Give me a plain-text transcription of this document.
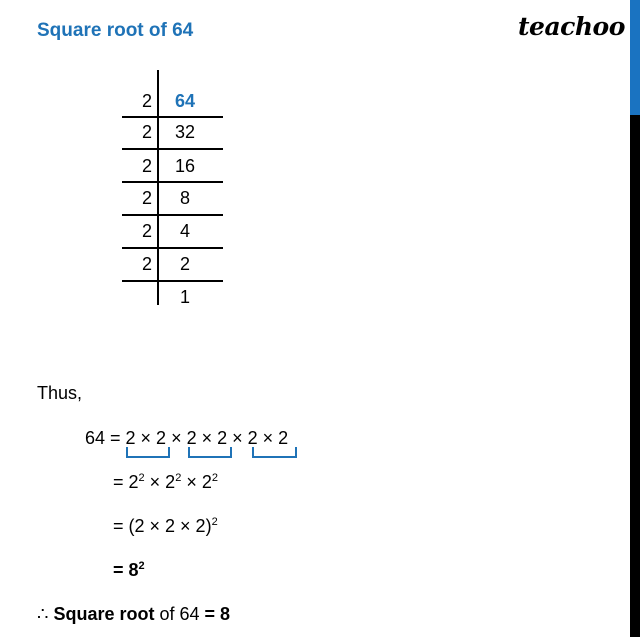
Square root of 64	teachoo
2 64
2 32
2 16
2	8
2	4
2	2
1
Thus,
64 = 2 × 2 × 2 × 2 × 2 × 2
= $2^2 \times 2^2 \times 2^2$
= $(2 \times 2 \times 2)^2$
= $8^2$
∴ Square root of 64 = 8
